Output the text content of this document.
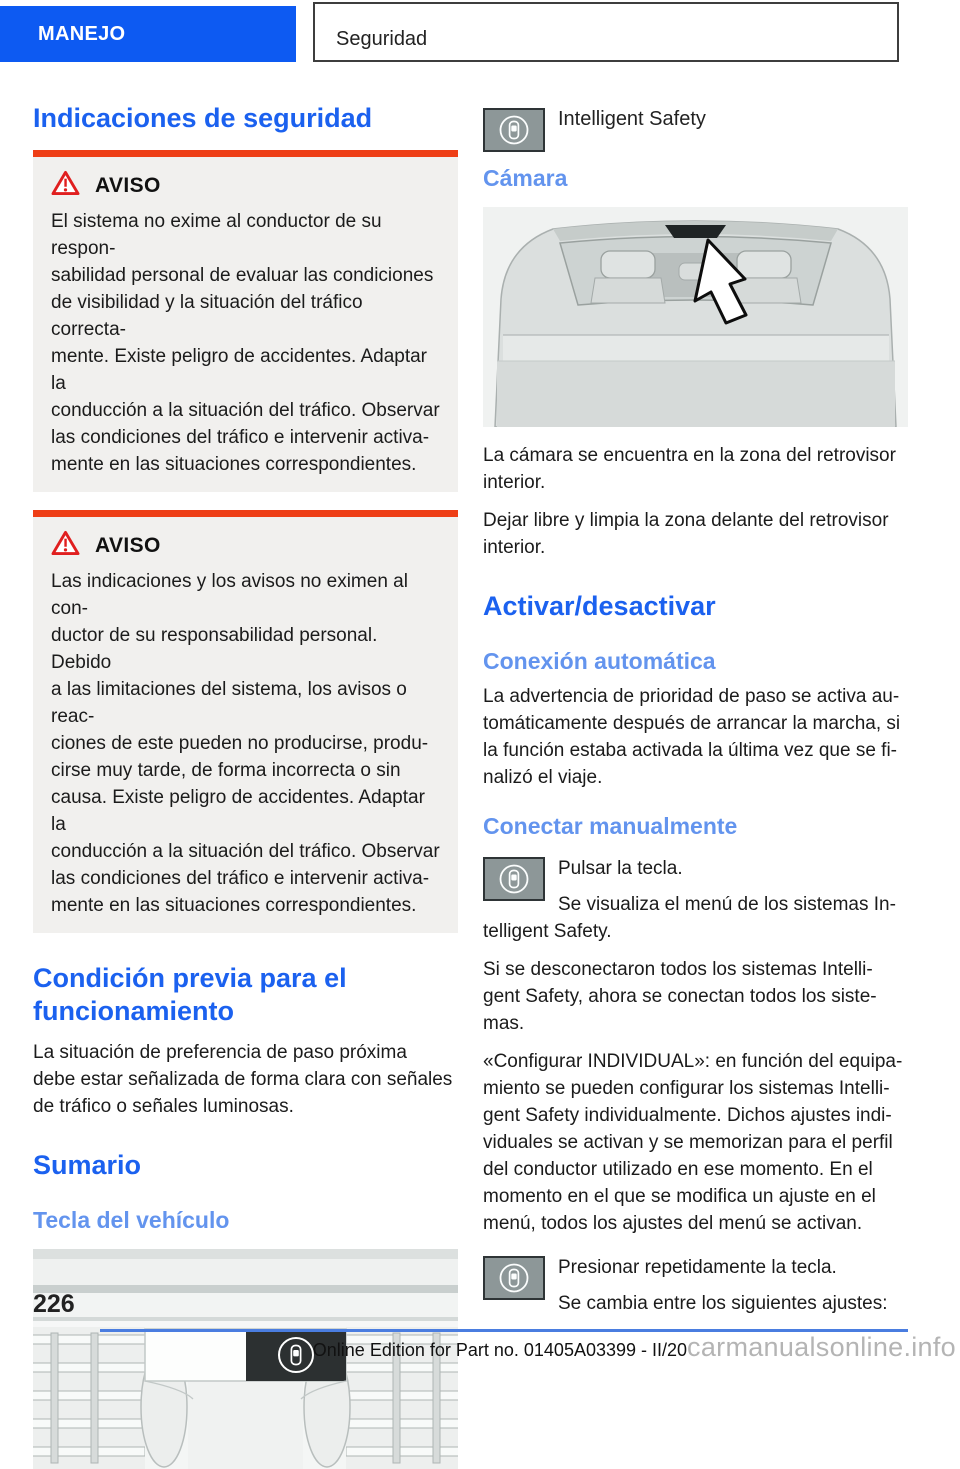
MANEJO	Seguridad
Indicaciones de seguridad
AVISO
El sistema no exime al conductor de su respon-
sabilidad personal de evaluar las condiciones
de visibilidad y la situación del tráfico correcta-
mente. Existe peligro de accidentes. Adaptar la
conducción a la situación del tráfico. Observar
las condiciones del tráfico e intervenir activa-
mente en las situaciones correspondientes.
AVISO
Las indicaciones y los avisos no eximen al con-
ductor de su responsabilidad personal. Debido
a las limitaciones del sistema, los avisos o reac-
ciones de este pueden no producirse, produ-
cirse muy tarde, de forma incorrecta o sin
causa. Existe peligro de accidentes. Adaptar la
conducción a la situación del tráfico. Observar
las condiciones del tráfico e intervenir activa-
mente en las situaciones correspondientes.
Condición previa para el funcionamiento
La situación de preferencia de paso próxima
debe estar señalizada de forma clara con señales
de tráfico o señales luminosas.
Sumario
Tecla del vehículo
Intelligent Safety
Cámara
La cámara se encuentra en la zona del retrovisor
interior.
Dejar libre y limpia la zona delante del retrovisor
interior.
Activar/desactivar
Conexión automática
La advertencia de prioridad de paso se activa au-
tomáticamente después de arrancar la marcha, si
la función estaba activada la última vez que se fi-
nalizó el viaje.
Conectar manualmente
Pulsar la tecla.
Se visualiza el menú de los sistemas In-
telligent Safety.
Si se desconectaron todos los sistemas Intelli-
gent Safety, ahora se conectan todos los siste-
mas.
«Configurar INDIVIDUAL»: en función del equipa-
miento se pueden configurar los sistemas Intelli-
gent Safety individualmente. Dichos ajustes indi-
viduales se activan y se memorizan para el perfil
del conductor utilizado en ese momento. En el
momento en el que se modifica un ajuste en el
menú, todos los ajustes del menú se activan.
Presionar repetidamente la tecla.
Se cambia entre los siguientes ajustes:
226
Online Edition for Part no. 01405A03399 - II/20 carmanualsonline.info
